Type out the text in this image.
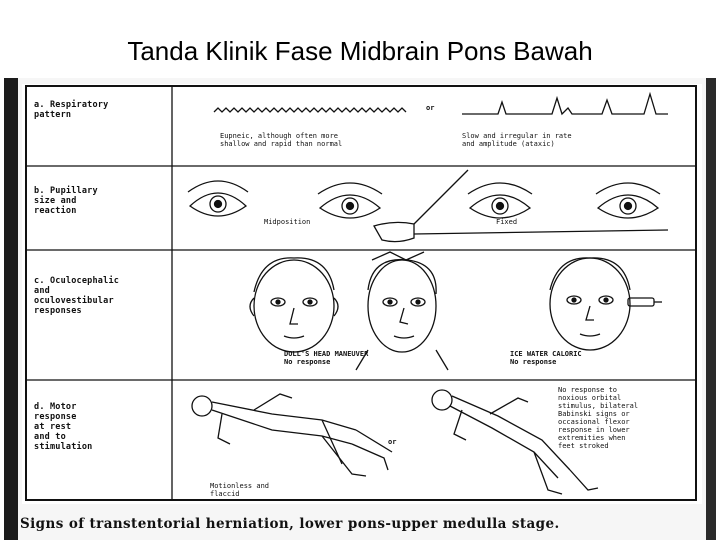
Tanda Klinik Fase Midbrain Pons Bawah
a. Respiratory
pattern
b. Pupillary
size and
reaction
c. Oculocephalic
and
oculovestibular
responses
d. Motor
response
at rest
and to
stimulation
Eupneic, although often more
shallow and rapid than normal
or
Slow and irregular in rate
and amplitude (ataxic)
Midposition	Fixed
DOLL'S HEAD MANEUVER
No response
ICE WATER CALORIC
No response
Motionless and
flaccid
or
No response to
noxious orbital
stimulus, bilateral
Babinski signs or
occasional flexor
response in lower
extremities when
feet stroked
Signs of transtentorial herniation, lower pons-upper medulla stage.
